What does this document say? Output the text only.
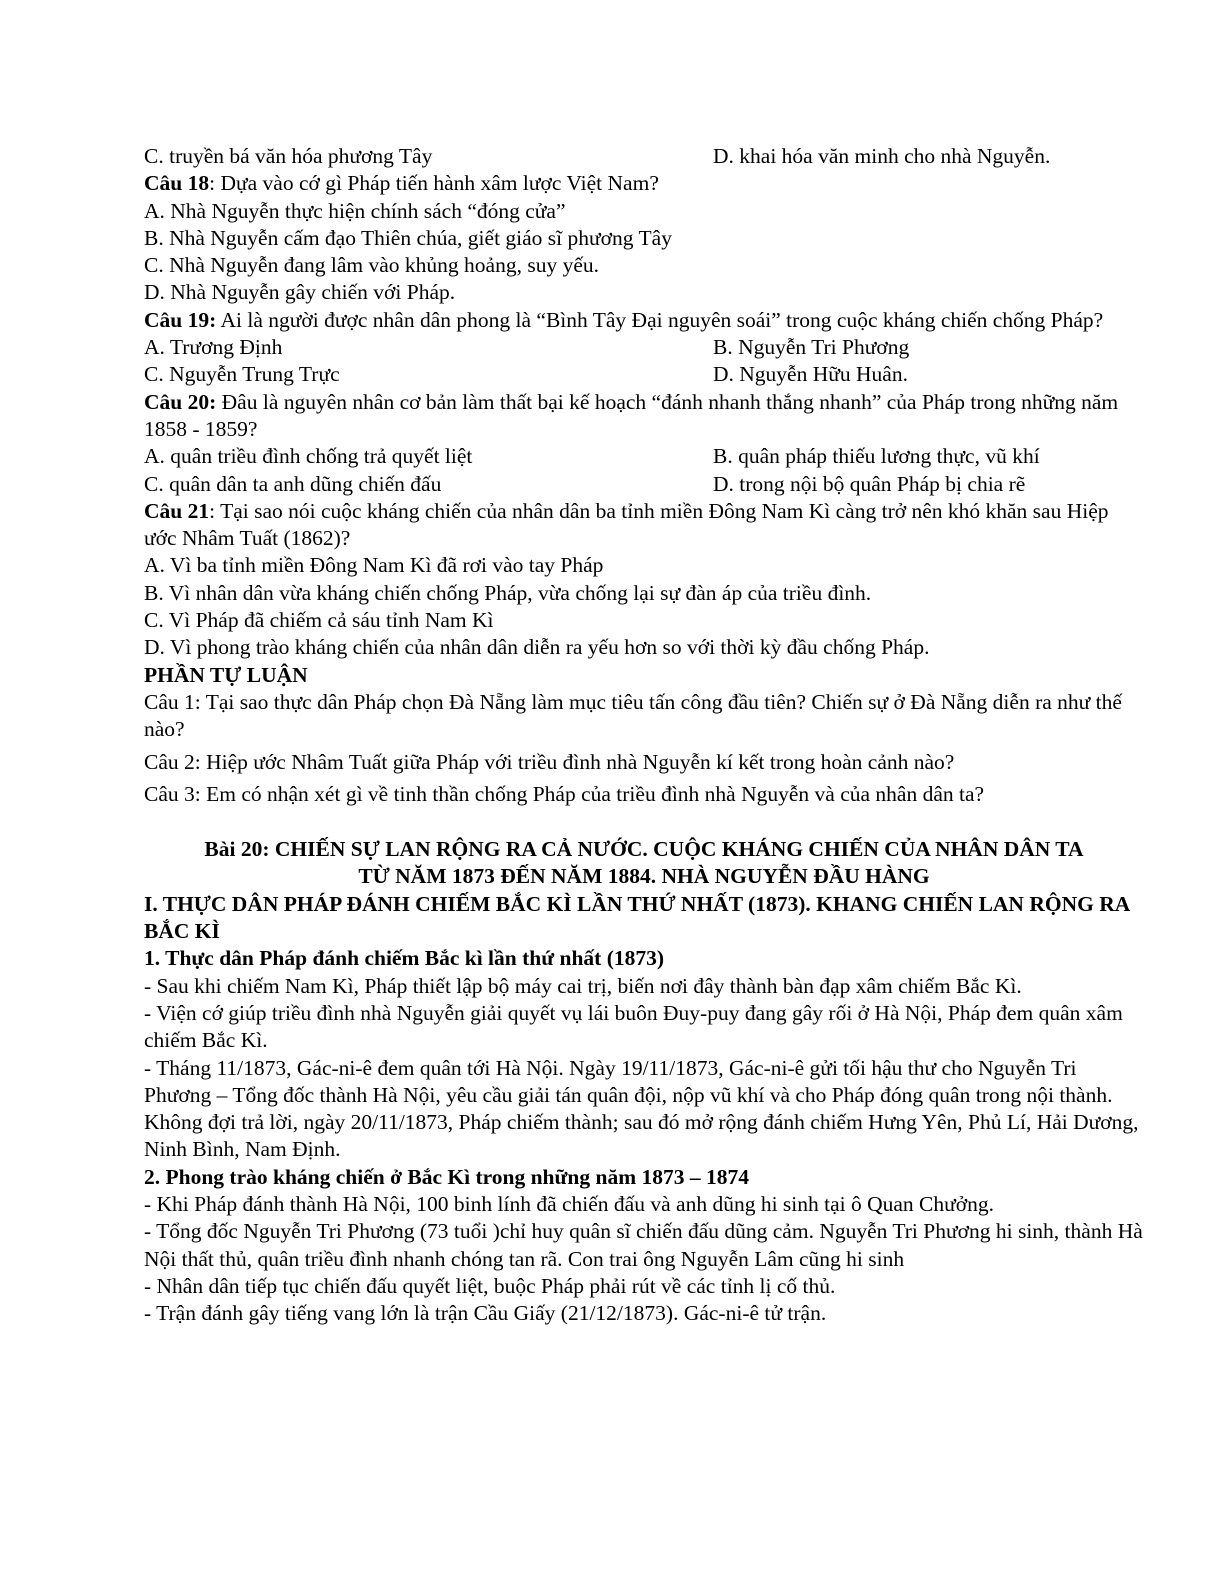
C. truyền bá văn hóa phương Tây	D. khai hóa văn minh cho nhà Nguyễn.

Câu 18: Dựa vào cớ gì Pháp tiến hành xâm lược Việt Nam?

A. Nhà Nguyễn thực hiện chính sách “đóng cửa”

B. Nhà Nguyễn cấm đạo Thiên chúa, giết giáo sĩ phương Tây

C. Nhà Nguyễn đang lâm vào khủng hoảng, suy yếu.

D. Nhà Nguyễn gây chiến với Pháp.

Câu 19: Ai là người được nhân dân phong là “Bình Tây Đại nguyên soái” trong cuộc kháng chiến chống Pháp?

A. Trương Định	B. Nguyễn Tri Phương
C. Nguyễn Trung Trực	D. Nguyễn Hữu Huân.

Câu 20: Đâu là nguyên nhân cơ bản làm thất bại kế hoạch “đánh nhanh thắng nhanh” của Pháp trong những năm 1858 - 1859?

A. quân triều đình chống trả quyết liệt	B. quân pháp thiếu lương thực, vũ khí
C. quân dân ta anh dũng chiến đấu	D. trong nội bộ quân Pháp bị chia rẽ

Câu 21: Tại sao nói cuộc kháng chiến của nhân dân ba tỉnh miền Đông Nam Kì càng trở nên khó khăn sau Hiệp ước Nhâm Tuất (1862)?

A. Vì ba tỉnh miền Đông Nam Kì đã rơi vào tay Pháp

B. Vì nhân dân vừa kháng chiến chống Pháp, vừa chống lại sự đàn áp của triều đình.

C. Vì Pháp đã chiếm cả sáu tỉnh Nam Kì

D. Vì phong trào kháng chiến của nhân dân diễn ra yếu hơn so với thời kỳ đầu chống Pháp.

PHẦN TỰ LUẬN

Câu 1: Tại sao thực dân Pháp chọn Đà Nẵng làm mục tiêu tấn công đầu tiên? Chiến sự ở Đà Nẵng diễn ra như thế nào?

Câu 2: Hiệp ước Nhâm Tuất giữa Pháp với triều đình nhà Nguyễn kí kết trong hoàn cảnh nào?

Câu 3: Em có nhận xét gì về tinh thần chống Pháp của triều đình nhà Nguyễn và của nhân dân ta?

Bài 20: CHIẾN SỰ LAN RỘNG RA CẢ NƯỚC. CUỘC KHÁNG CHIẾN CỦA NHÂN DÂN TA

TỪ NĂM 1873 ĐẾN NĂM 1884. NHÀ NGUYỄN ĐẦU HÀNG

I. THỰC DÂN PHÁP ĐÁNH CHIẾM BẮC KÌ LẦN THỨ NHẤT (1873). KHANG CHIẾN LAN RỘNG RA BẮC KÌ

1. Thực dân Pháp đánh chiếm Bắc kì lần thứ nhất (1873)

- Sau khi chiếm Nam Kì, Pháp thiết lập bộ máy cai trị, biến nơi đây thành bàn đạp xâm chiếm Bắc Kì.

- Viện cớ giúp triều đình nhà Nguyễn giải quyết vụ lái buôn Đuy-puy đang gây rối ở Hà Nội, Pháp đem quân xâm chiếm Bắc Kì.

- Tháng 11/1873, Gác-ni-ê đem quân tới Hà Nội. Ngày 19/11/1873, Gác-ni-ê gửi tối hậu thư cho Nguyễn Tri Phương – Tổng đốc thành Hà Nội, yêu cầu giải tán quân đội, nộp vũ khí và cho Pháp đóng quân trong nội thành. Không đợi trả lời, ngày 20/11/1873, Pháp chiếm thành; sau đó mở rộng đánh chiếm Hưng Yên, Phủ Lí, Hải Dương, Ninh Bình, Nam Định.

2. Phong trào kháng chiến ở Bắc Kì trong những năm 1873 – 1874

- Khi Pháp đánh thành Hà Nội, 100 binh lính đã chiến đấu và anh dũng hi sinh tại ô Quan Chưởng.

- Tổng đốc Nguyễn Tri Phương (73 tuổi )chỉ huy quân sĩ chiến đấu dũng cảm. Nguyễn Tri Phương hi sinh, thành Hà Nội thất thủ, quân triều đình nhanh chóng tan rã. Con trai ông Nguyễn Lâm cũng hi sinh

- Nhân dân tiếp tục chiến đấu quyết liệt, buộc Pháp phải rút về các tỉnh lị cố thủ.

- Trận đánh gây tiếng vang lớn là trận Cầu Giấy (21/12/1873). Gác-ni-ê tử trận.
